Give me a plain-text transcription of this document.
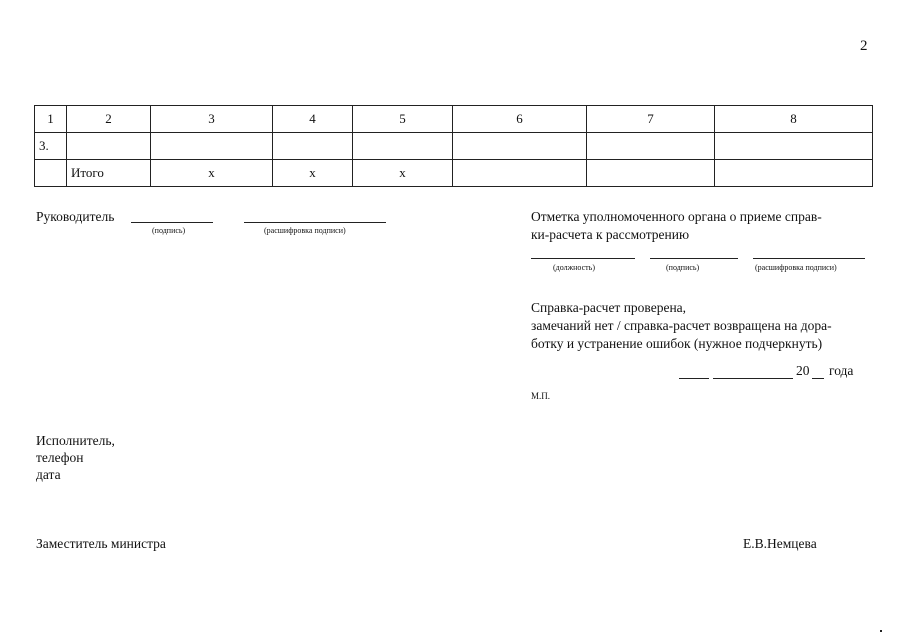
2
1	2	3	4	5	6	7	8
3.							
	Итого	x	x	x			
Руководитель
(подпись)	(расшифровка подписи)
Отметка уполномоченного органа о приеме справ-
ки-расчета к рассмотрению
(должность)	(подпись)	(расшифровка подписи)
Справка-расчет проверена,
замечаний нет / справка-расчет возвращена на дора-
ботку и устранение ошибок (нужное подчеркнуть)
20 года
М.П.
Исполнитель,
телефон
дата
Заместитель министра	Е.В.Немцева
